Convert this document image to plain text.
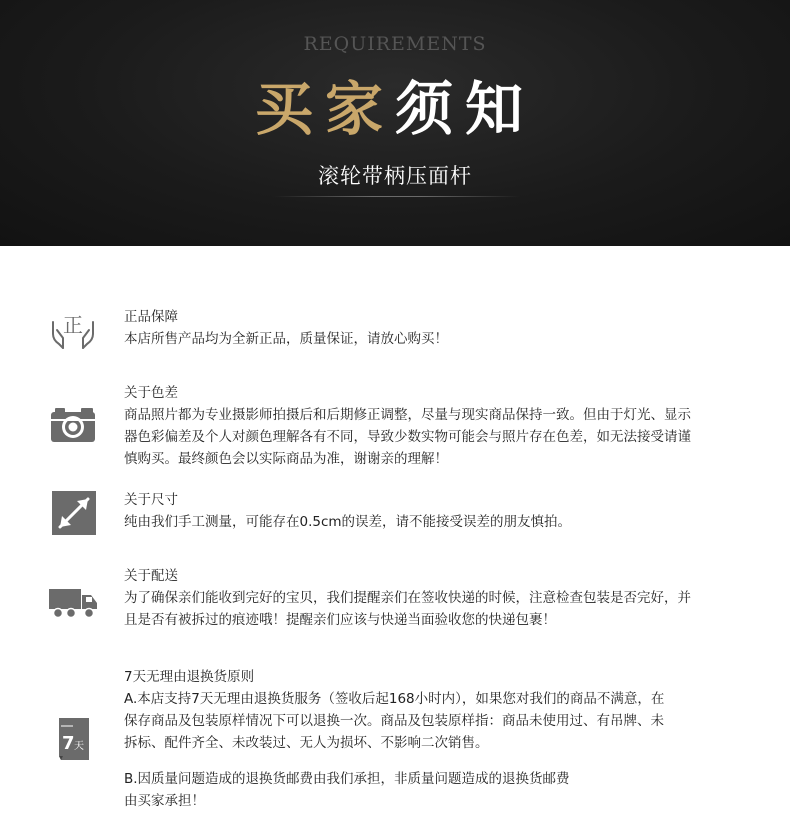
REQUIREMENTS
买家须知
滚轮带柄压面杆
正	正品保障

本店所售产品均为全新正品，质量保证，请放心购买！

关于色差

商品照片都为专业摄影师拍摄后和后期修正调整，尽量与现实商品保持一致。但由于灯光、显示

器色彩偏差及个人对颜色理解各有不同，导致少数实物可能会与照片存在色差，如无法接受请谨

慎购买。最终颜色会以实际商品为准，谢谢亲的理解！

关于尺寸

纯由我们手工测量，可能存在0.5cm的误差，请不能接受误差的朋友慎拍。

关于配送

为了确保亲们能收到完好的宝贝，我们提醒亲们在签收快递的时候，注意检查包装是否完好，并

且是否有被拆过的痕迹哦！提醒亲们应该与快递当面验收您的快递包裹！

7 天

7天无理由退换货原则

A.本店支持7天无理由退换货服务（签收后起168小时内），如果您对我们的商品不满意，在

保存商品及包装原样情况下可以退换一次。商品及包装原样指：商品未使用过、有吊牌、未

拆标、配件齐全、未改装过、无人为损坏、不影响二次销售。

B.因质量问题造成的退换货邮费由我们承担，非质量问题造成的退换货邮费

由买家承担！
